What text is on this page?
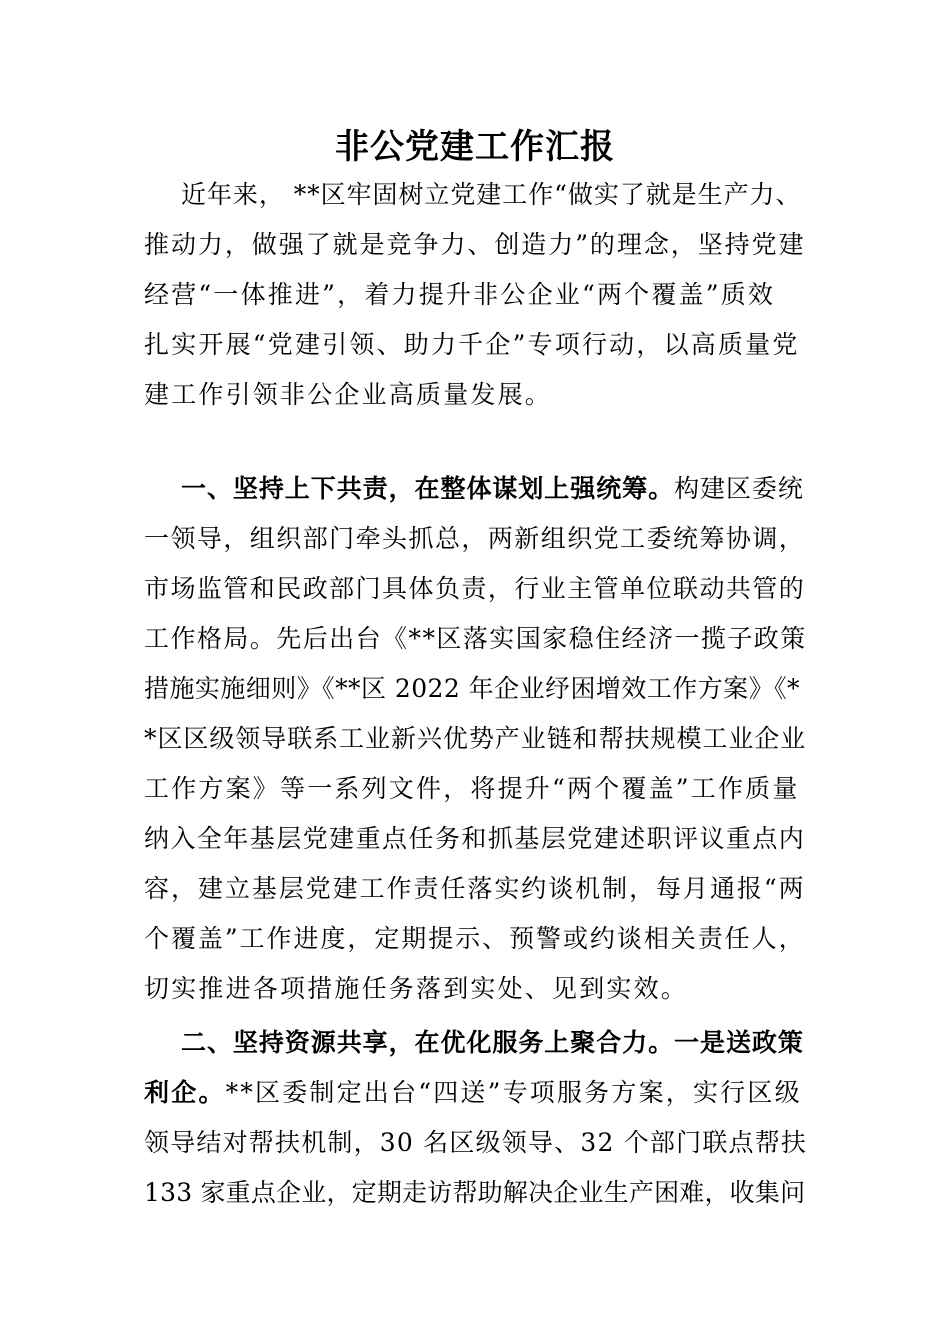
非公党建工作汇报
近年来， **区牢固树立党建工作“做实了就是生产力、
推动力，做强了就是竞争力、创造力”的理念，坚持党建
经营“一体推进”，着力提升非公企业“两个覆盖”质效
扎实开展“党建引领、助力千企”专项行动，以高质量党
建工作引领非公企业高质量发展。
一、坚持上下共责，在整体谋划上强统筹。构建区委统
一领导，组织部门牵头抓总，两新组织党工委统筹协调，
市场监管和民政部门具体负责，行业主管单位联动共管的
工作格局。先后出台《**区落实国家稳住经济一揽子政策
措施实施细则》《**区 2022 年企业纾困增效工作方案》《*
*区区级领导联系工业新兴优势产业链和帮扶规模工业企业
工作方案》等一系列文件，将提升“两个覆盖”工作质量
纳入全年基层党建重点任务和抓基层党建述职评议重点内
容，建立基层党建工作责任落实约谈机制，每月通报“两
个覆盖”工作进度，定期提示、预警或约谈相关责任人，
切实推进各项措施任务落到实处、见到实效。
二、坚持资源共享，在优化服务上聚合力。一是送政策
利企。**区委制定出台“四送”专项服务方案，实行区级
领导结对帮扶机制，30 名区级领导、32 个部门联点帮扶
133 家重点企业，定期走访帮助解决企业生产困难，收集问
